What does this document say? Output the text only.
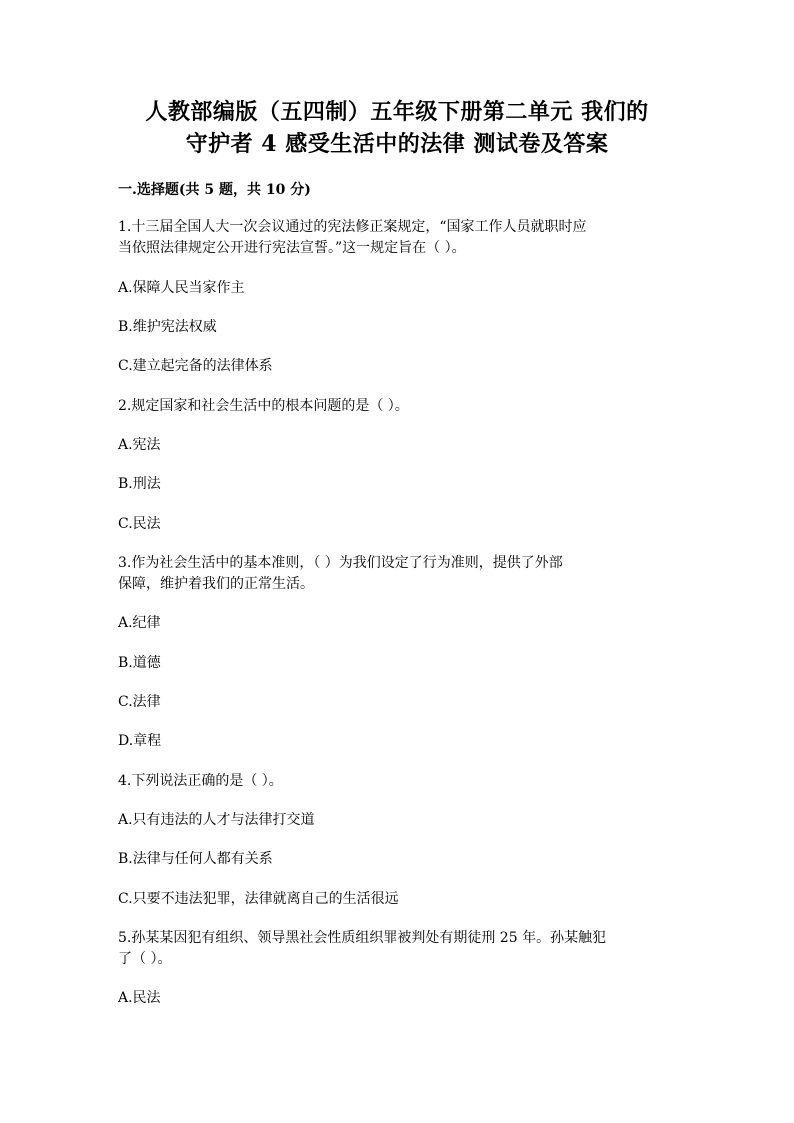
人教部编版（五四制）五年级下册第二单元 我们的
守护者 4 感受生活中的法律 测试卷及答案
一.选择题(共 5 题，共 10 分)
1.十三届全国人大一次会议通过的宪法修正案规定，“国家工作人员就职时应
当依照法律规定公开进行宪法宣誓。”这一规定旨在（ ）。
A.保障人民当家作主
B.维护宪法权威
C.建立起完备的法律体系
2.规定国家和社会生活中的根本问题的是（ ）。
A.宪法
B.刑法
C.民法
3.作为社会生活中的基本准则，（ ）为我们设定了行为准则，提供了外部
保障，维护着我们的正常生活。
A.纪律
B.道德
C.法律
D.章程
4.下列说法正确的是（ ）。
A.只有违法的人才与法律打交道
B.法律与任何人都有关系
C.只要不违法犯罪，法律就离自己的生活很远
5.孙某某因犯有组织、领导黑社会性质组织罪被判处有期徒刑 25 年。孙某触犯
了（ ）。
A.民法
